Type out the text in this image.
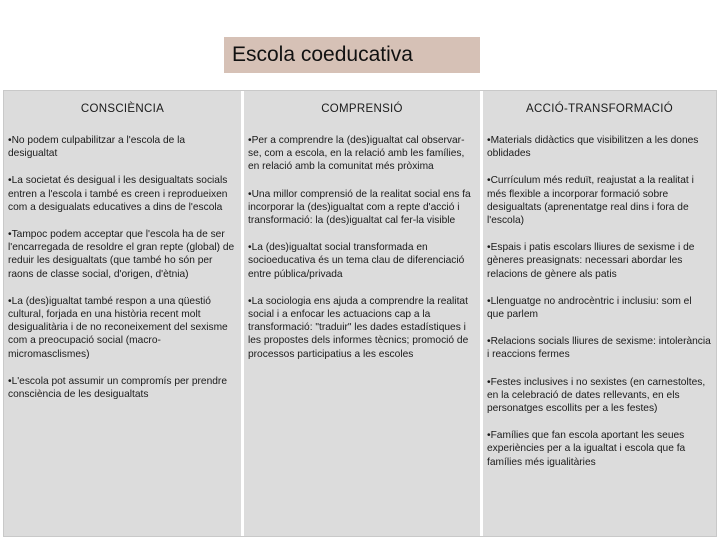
Escola coeducativa
CONSCIÈNCIA
•No podem culpabilitzar a l'escola de la desigualtat
•La societat és desigual i les desigualtats socials entren a l'escola i també es creen i reprodueixen com a desigualats educatives a dins de l'escola
•Tampoc podem acceptar que l'escola ha de ser l'encarregada de resoldre el gran repte (global) de reduir les desigualtats (que també ho són per raons de classe social, d'origen, d'ètnia)
•La (des)igualtat també respon a una qüestió cultural, forjada en una història recent molt desigualitària i de no reconeixement del sexisme com a preocupació social (macro-micromasclismes)
•L'escola pot assumir un compromís per prendre consciència de les desigualtats
COMPRENSIÓ
•Per a comprendre la (des)igualtat cal observar-se, com a escola, en la relació amb les famílies, en relació amb la comunitat més pròxima
•Una millor comprensió de la realitat social ens fa incorporar la (des)igualtat com a repte d'acció i transformació: la (des)igualtat cal fer-la visible
•La (des)igualtat social transformada en socioeducativa és un tema clau de diferenciació entre pública/privada
•La sociologia ens ajuda a comprendre la realitat social i a enfocar les actuacions cap a la transformació: "traduir" les dades estadístiques i les propostes dels informes tècnics; promoció de processos participatius a les escoles
ACCIÓ-TRANSFORMACIÓ
•Materials didàctics que visibilitzen a les dones oblidades
•Currículum més reduït, reajustat a la realitat i més flexible a incorporar formació sobre desigualtats (aprenentatge real dins i fora de l'escola)
•Espais i patis escolars lliures de sexisme i de gèneres preasignats: necessari abordar les relacions de gènere als patis
•Llenguatge no androcèntric i inclusiu: som el que parlem
•Relacions socials lliures de sexisme: intolerància i reaccions fermes
•Festes inclusives i no sexistes (en carnestoltes, en la celebració de dates rellevants, en els personatges escollits per a les festes)
•Famílies que fan escola aportant les seues experiències per a la igualtat i escola que fa famílies més igualitàries
